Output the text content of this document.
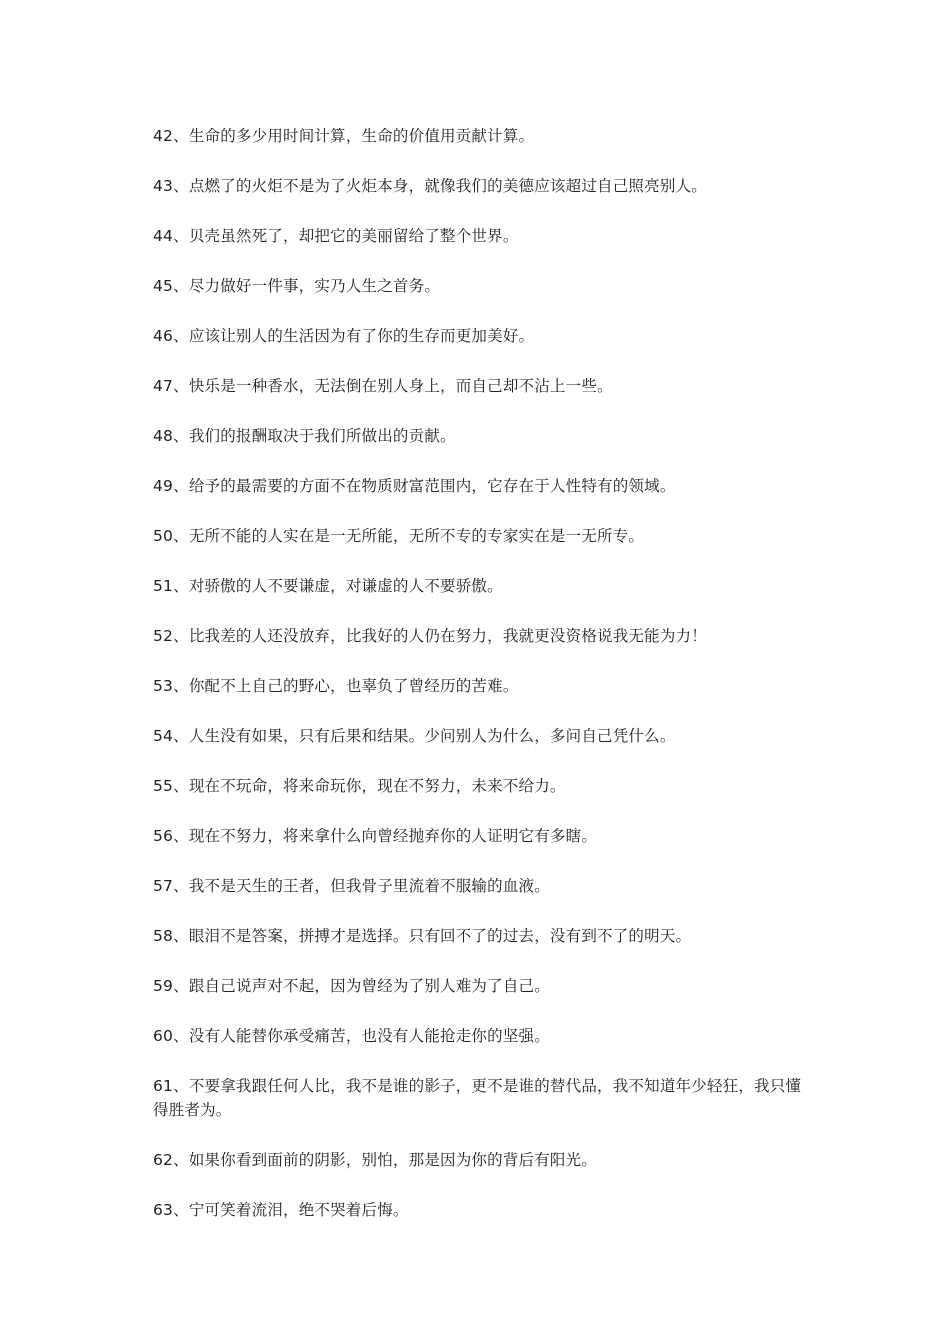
42、生命的多少用时间计算，生命的价值用贡献计算。
43、点燃了的火炬不是为了火炬本身，就像我们的美德应该超过自己照亮别人。
44、贝壳虽然死了，却把它的美丽留给了整个世界。
45、尽力做好一件事，实乃人生之首务。
46、应该让别人的生活因为有了你的生存而更加美好。
47、快乐是一种香水，无法倒在别人身上，而自己却不沾上一些。
48、我们的报酬取决于我们所做出的贡献。
49、给予的最需要的方面不在物质财富范围内，它存在于人性特有的领域。
50、无所不能的人实在是一无所能，无所不专的专家实在是一无所专。
51、对骄傲的人不要谦虚，对谦虚的人不要骄傲。
52、比我差的人还没放弃，比我好的人仍在努力，我就更没资格说我无能为力！
53、你配不上自己的野心，也辜负了曾经历的苦难。
54、人生没有如果，只有后果和结果。少问别人为什么，多问自己凭什么。
55、现在不玩命，将来命玩你，现在不努力，未来不给力。
56、现在不努力，将来拿什么向曾经抛弃你的人证明它有多瞎。
57、我不是天生的王者，但我骨子里流着不服输的血液。
58、眼泪不是答案，拼搏才是选择。只有回不了的过去，没有到不了的明天。
59、跟自己说声对不起，因为曾经为了别人难为了自己。
60、没有人能替你承受痛苦，也没有人能抢走你的坚强。
61、不要拿我跟任何人比，我不是谁的影子，更不是谁的替代品，我不知道年少轻狂，我只懂得胜者为。
62、如果你看到面前的阴影，别怕，那是因为你的背后有阳光。
63、宁可笑着流泪，绝不哭着后悔。
